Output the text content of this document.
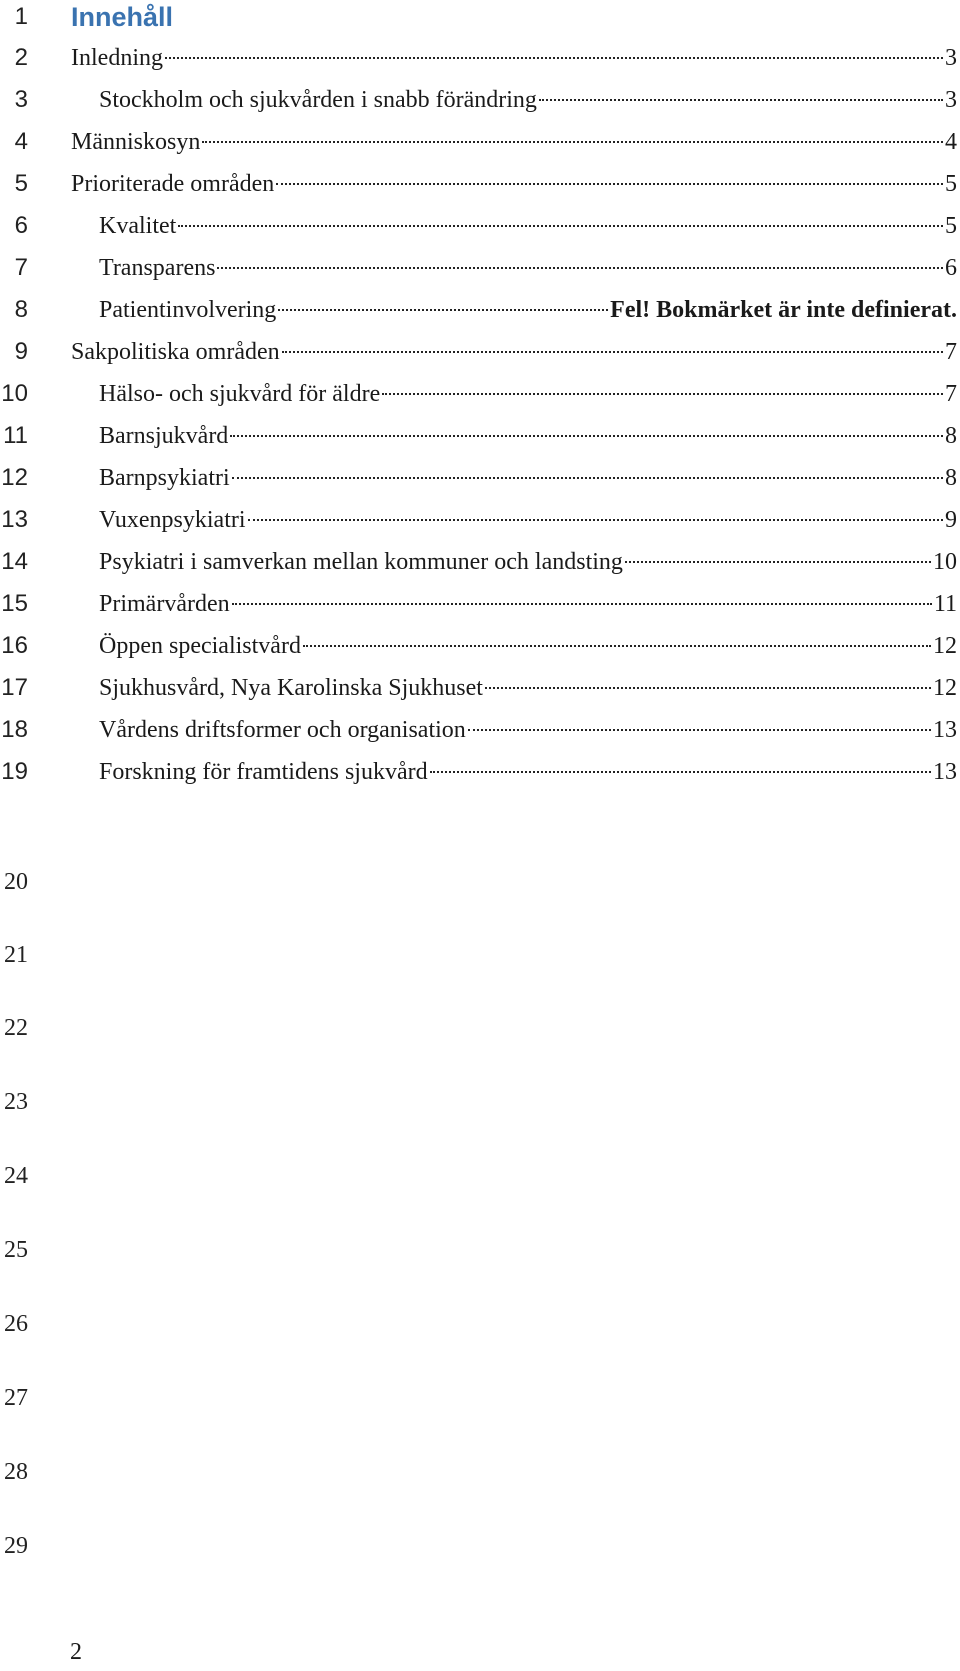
1 Innehåll
2 Inledning	3
3	Stockholm och sjukvården i snabb förändring	3
4 Människosyn	4
5 Prioriterade områden	5
6	Kvalitet	5
7	Transparens	6
8	Patientinvolvering	Fel! Bokmärket är inte definierat.
9 Sakpolitiska områden	7
10	Hälso- och sjukvård för äldre	7
11	Barnsjukvård	8
12	Barnpsykiatri	8
13	Vuxenpsykiatri	9
14	Psykiatri i samverkan mellan kommuner och landsting	10
15	Primärvården	11
16	Öppen specialistvård	12
17	Sjukhusvård, Nya Karolinska Sjukhuset	12
18	Vårdens driftsformer och organisation	13
19	Forskning för framtidens sjukvård	13
20
21
22
23
24
25
26
27
28
29
2
